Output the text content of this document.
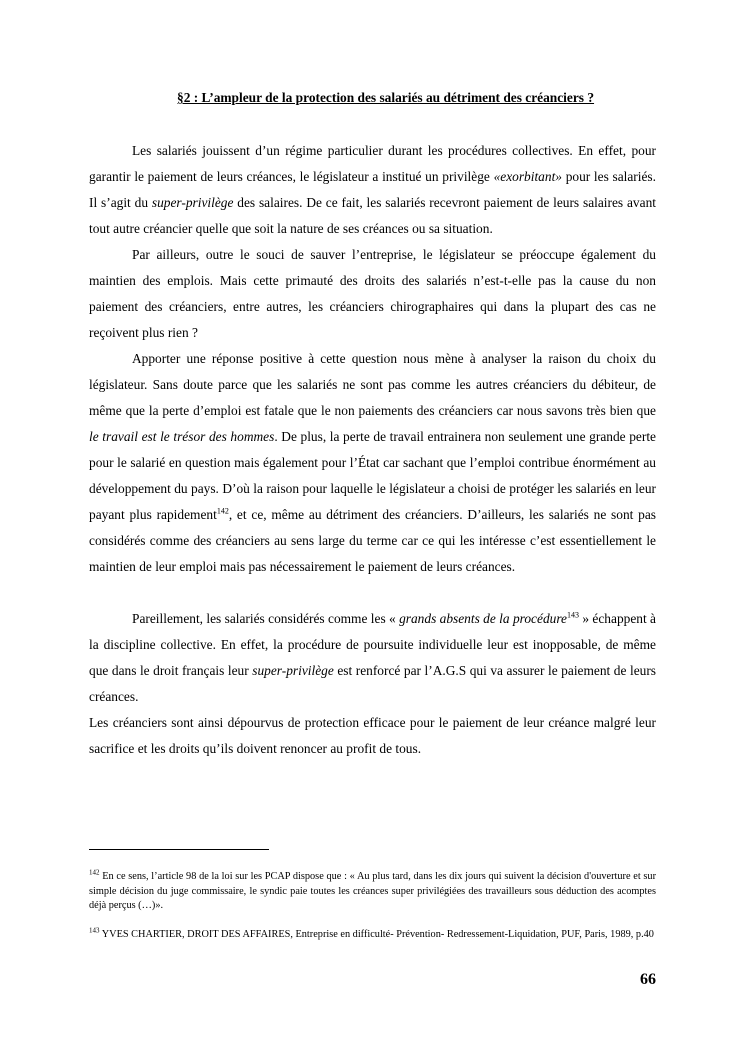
§2 : L’ampleur de la protection des salariés au détriment des créanciers ?

Les salariés jouissent d’un régime particulier durant les procédures collectives. En effet, pour garantir le paiement de leurs créances, le législateur a institué un privilège «exorbitant» pour les salariés. Il s’agit du super-privilège des salaires. De ce fait, les salariés recevront paiement de leurs salaires avant tout autre créancier quelle que soit la nature de ses créances ou sa situation.

Par ailleurs, outre le souci de sauver l’entreprise, le législateur se préoccupe également du maintien des emplois. Mais cette primauté des droits des salariés n’est-t-elle pas la cause du non paiement des créanciers, entre autres, les créanciers chirographaires qui dans la plupart des cas ne reçoivent plus rien ?

Apporter une réponse positive à cette question nous mène à analyser la raison du choix du législateur. Sans doute parce que les salariés ne sont pas comme les autres créanciers du débiteur, de même que la perte d’emploi est fatale que le non paiements des créanciers car nous savons très bien que le travail est le trésor des hommes. De plus, la perte de travail entrainera non seulement une grande perte pour le salarié en question mais également pour l’État car sachant que l’emploi contribue énormément au développement du pays. D’où la raison pour laquelle le législateur a choisi de protéger les salariés en leur payant plus rapidement$^{142}$, et ce, même au détriment des créanciers. D’ailleurs, les salariés ne sont pas considérés comme des créanciers au sens large du terme car ce qui les intéresse c’est essentiellement le maintien de leur emploi mais pas nécessairement le paiement de leurs créances.

Pareillement, les salariés considérés comme les « grands absents de la procédure$^{143}$ » échappent à la discipline collective. En effet, la procédure de poursuite individuelle leur est inopposable, de même que dans le droit français leur super-privilège est renforcé par l’A.G.S qui va assurer le paiement de leurs créances.

Les créanciers sont ainsi dépourvus de protection efficace pour le paiement de leur créance malgré leur sacrifice et les droits qu’ils doivent renoncer au profit de tous.

$^{142}$ En ce sens, l’article 98 de la loi sur les PCAP dispose que : « Au plus tard, dans les dix jours qui suivent la décision d'ouverture et sur simple décision du juge commissaire, le syndic paie toutes les créances super privilégiées des travailleurs sous déduction des acomptes déjà perçus (…)».

$^{143}$ YVES CHARTIER, DROIT DES AFFAIRES, Entreprise en difficulté- Prévention- Redressement-Liquidation, PUF, Paris, 1989, p.40

66
